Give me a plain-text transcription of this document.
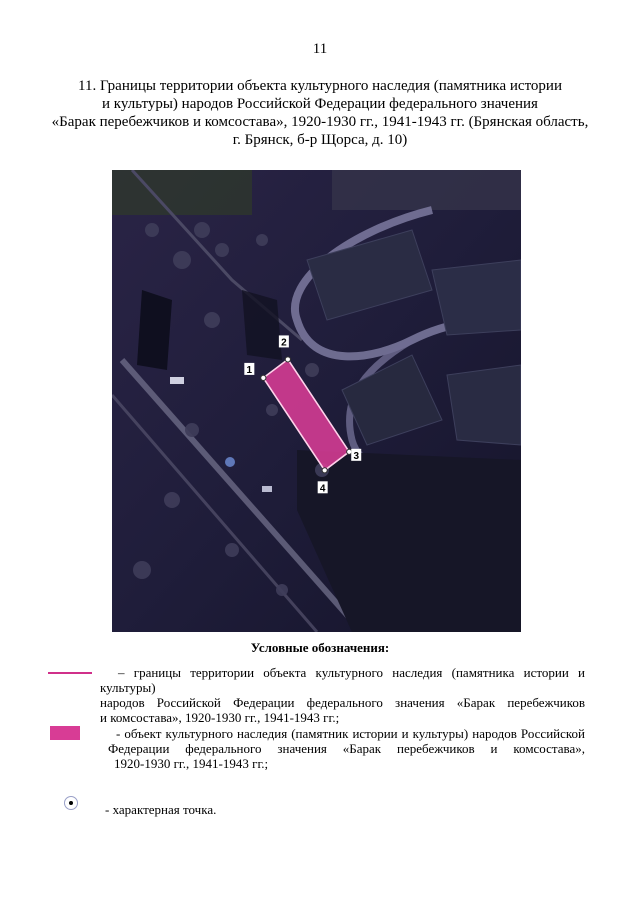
11
11. Границы территории объекта культурного наследия (памятника истории
и культуры) народов Российской Федерации федерального значения
«Барак перебежчиков и комсостава», 1920-1930 гг., 1941-1943 гг. (Брянская область,
г. Брянск, б-р Щорса, д. 10)
1
2
3
4
Условные обозначения:
– границы территории объекта культурного наследия (памятника истории и культуры)
народов Российской Федерации федерального значения «Барак перебежчиков
и комсостава», 1920-1930 гг., 1941-1943 гг.;
- объект культурного наследия (памятник истории и культуры) народов Российской
Федерации федерального значения «Барак перебежчиков и комсостава»,
1920-1930 гг., 1941-1943 гг.;
- характерная точка.
